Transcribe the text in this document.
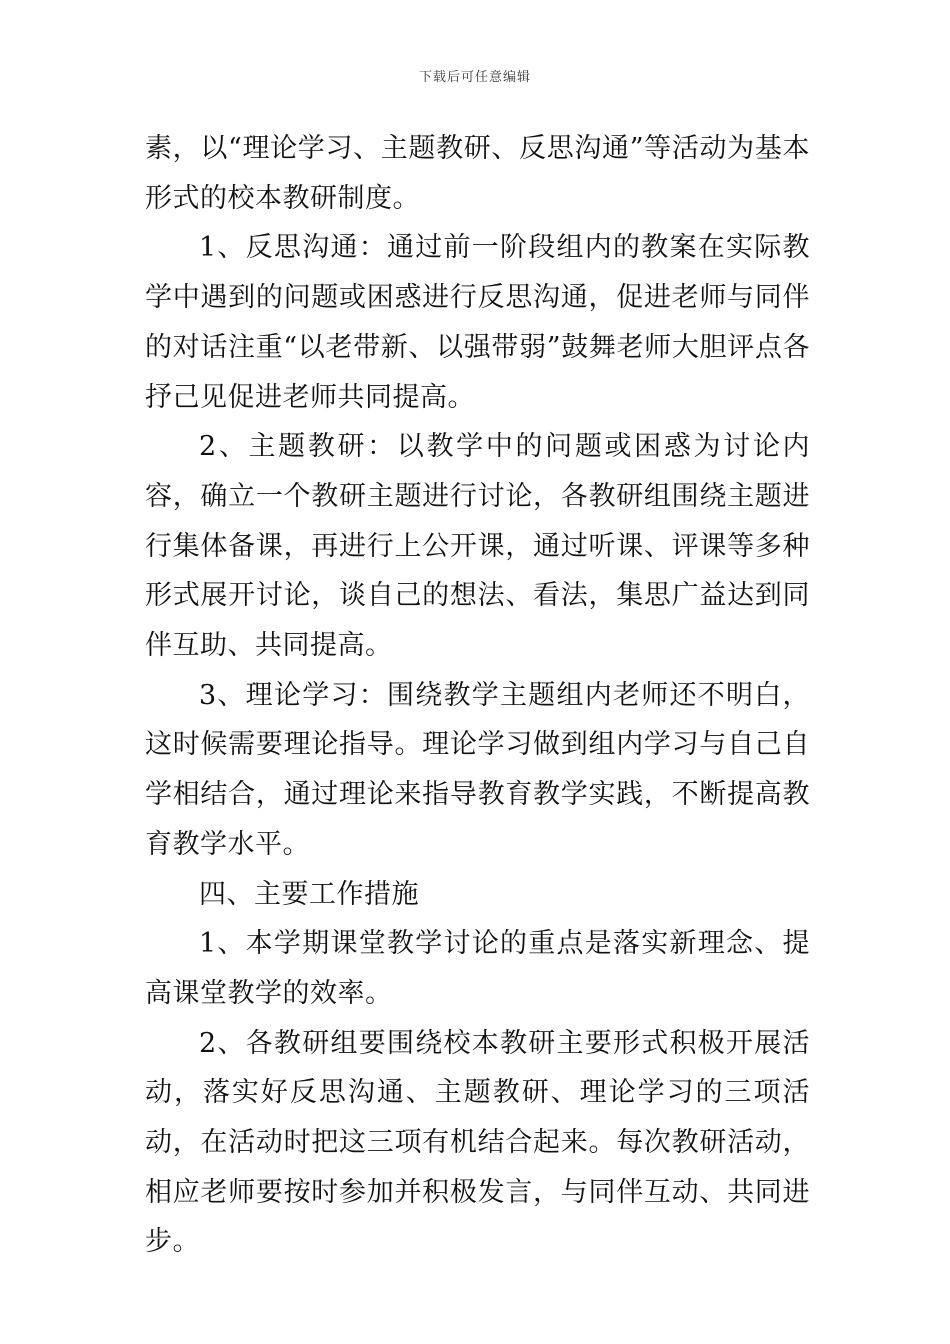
下载后可任意编辑

素，以“理论学习、主题教研、反思沟通”等活动为基本形式的校本教研制度。

1、反思沟通：通过前一阶段组内的教案在实际教学中遇到的问题或困惑进行反思沟通，促进老师与同伴的对话注重“以老带新、以强带弱”鼓舞老师大胆评点各抒己见促进老师共同提高。

2、主题教研：以教学中的问题或困惑为讨论内容，确立一个教研主题进行讨论，各教研组围绕主题进行集体备课，再进行上公开课，通过听课、评课等多种形式展开讨论，谈自己的想法、看法，集思广益达到同伴互助、共同提高。

3、理论学习：围绕教学主题组内老师还不明白，这时候需要理论指导。理论学习做到组内学习与自己自学相结合，通过理论来指导教育教学实践，不断提高教育教学水平。

四、主要工作措施

1、本学期课堂教学讨论的重点是落实新理念、提高课堂教学的效率。

2、各教研组要围绕校本教研主要形式积极开展活动，落实好反思沟通、主题教研、理论学习的三项活动，在活动时把这三项有机结合起来。每次教研活动，相应老师要按时参加并积极发言，与同伴互动、共同进步。
